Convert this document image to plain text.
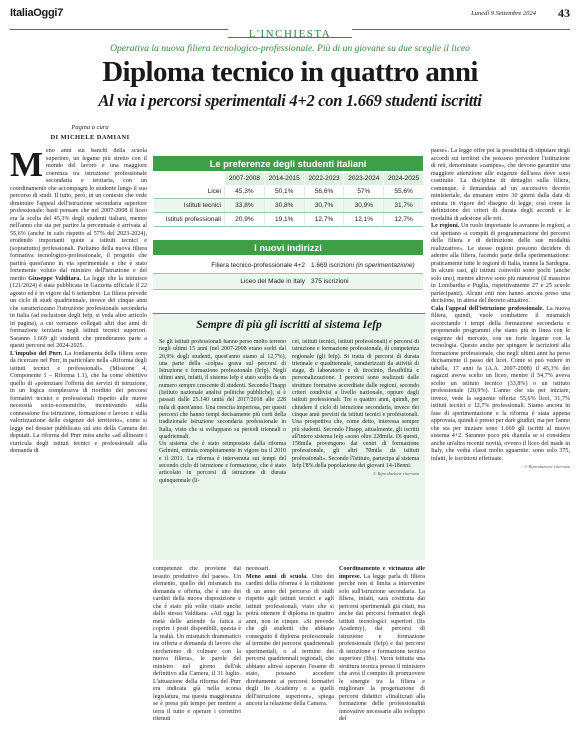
ItaliaOggi7	Lunedì 9 Settembre 2024 43
L'INCHIESTA
Operativa la nuova filiera tecnologico-professionale. Più di un giovane su due sceglie il liceo
Diploma tecnico in quattro anni
Al via i percorsi sperimentali 4+2 con 1.669 studenti iscritti
Pagina a cura
DI MICHELE DAMIANI

Meno anni sui banchi della scuola superiore, un legame più stretto con il mondo del lavoro e una maggiore coerenza tra istruzione professionale secondaria e terziaria, con un coordinamento che accompagni lo studente lungo il suo percorso di studi. Il tutto, però, in un contesto che vede diminuire l'appeal dell'istruzione secondaria superiore professionale: basti pensare che nel 2007-2008 il liceo era la scelta del 45,3% degli studenti italiani, mentre nell'anno che sta per partire la percentuale è arrivata al 55,6% (anche in calo rispetto al 57% del 2023-2024), erodendo importanti quote a istituti tecnici e (soprattutto) professionali. Parliamo della nuova filiera formativa tecnologico-professionale, il progetto che partirà quest'anno in via sperimentale e che è stato fortemente voluto dal ministro dell'istruzione e del merito Giuseppe Valditara. La legge che la istituisce (121/2024) è stata pubblicata in Gazzetta ufficiale il 22 agosto ed è in vigore dal 6 settembre. La filiera prevede un ciclo di studi quadriennale, invece dei cinque anni che caratterizzano l'istruzione professionale secondaria in Italia (ad esclusione degli Iefp, si veda altro articolo in pagina), a cui verranno collegati altri due anni di formazione terziaria negli istituti tecnici superiori. Saranno 1.669 gli studenti che prenderanno parte a questi percorsi nel 2024-2025.

L'impulso del Pnrr. La fondamenta della filiera sono da ricercare nel Pnrr, in particolare nella «Riforma degli istituti tecnici e professionali» (Missione 4, Componente 1 – Riforma 1.1), che ha come obiettivo quello di «potenziare l'offerta dei servizi di istruzione, in un logica complessiva di riordino dei percorsi formativi tecnici e professionali rispetto alle nuove necessità socio-economiche, incentivando sulla connessione fra istruzione, formazione e lavoro e sulla valorizzazione delle esigenze del territorio», come si legge nel dossier pubblicato sul sito della Camera dei deputati. La riforma del Pnrr mira anche «ad allineare i curricula degli istituti tecnici e professionali alla domanda di

Le preferenze degli studenti italiani
	2007-2008	2014-2015	2022-2023	2023-2024	2024-2025
Licei	45,3%	50,1%	56,6%	57%	55,6%
Istituti tecnici	33,8%	30,8%	30,7%	30,9%	31,7%
Istituti professionali	20,9%	19,1%	12,7%	12,1%	12,7%
I nuovi indirizzi
Filiera tecnico-professionale 4+2	1.669 iscrizioni (in sperimentazione)
Liceo del Made in Italy	375 iscrizioni
Sempre di più gli iscritti al sistema Iefp

Se gli istituti professionali hanno perso molto terreno negli ultimi 15 anni (nel 2007-2008 erano scelti dal 20,9% degli studenti, quest'anno siamo al 12,7%), una parte della «colpa» grava sul percorsi di Istruzione e formazione professionale (Iefp). Negli ultimi anni, infatti, il sistema Iefp è stato scelto da un numero sempre crescente di studenti. Secondo l'Inapp (Istituto nazionale analisi politiche pubbliche), si è passati dalle 25.140 unità del 2017/2018 alle 228 mila di quest'anno. Una crescita imperiosa, per questi percorsi che hanno tempi decisamente più corti della tradizionale istruzione secondaria professionale in Italia, visto che si sviluppano su periodi triennali o quadriennali.
Un sistema che è stato reimpostato dalla riforma Gelmini, entrata completamente in vigore tra il 2010 e il 2011. La riforma è intervenuta sui tempi del secondo ciclo di istruzione e formazione, che è stato articolato in percorsi di istruzione di durata quinquennale (li-

cei, istituti tecnici, istituti professionali) e percorsi di istruzione e formazione professionale, di competenza regionale (gli Iefp). Si tratta di percorsi di durata triennale e quadriennale, caratterizzati da attività di stage, di laboratorio e di tirocinio, flessibilità e personalizzazione. I percorsi sono realizzati dalle strutture formative accreditate dalle regioni, secondo criteri condivisi a livello nazionale, oppure dagli istituti professionali. Tre o quattro anni, quindi, per chiudere il ciclo di istruzione secondaria, invece dei cinque anni previsti da istituti tecnici e professionali. Una prospettiva che, come detto, interessa sempre più studenti. Secondo l'Inapp, attualmente, gli iscritti all'intero sistema Iefp «sono oltre 228mila. Di questi, 158mila provengono dai centri di formazione professionale, gli altri 70mila da istituti professionali». Secondo l'Istituto, partecipa al sistema Iefp l'8% della popolazione dei giovani 14-18enni.

© Riproduzione riservata

competenze che proviene dal tessuto produttivo del paese». Un elemento, quello del mismatch tra domanda e offerta, che è uno dei cardini della nuova disposizione e che è stato più volte citato anche dallo stesso Valditara: «Ad oggi la metà delle aziende fa fatica a coprire i posti disponibili, questa è la realtà. Un mismatch drammatico tra offerta e domanda di lavoro che cercheremo di colmare con la nuova filiera», le parole del ministro nel giorno dell'ok definitivo alla Camera, il 31 luglio. L'attuazione della riforma del Pnrr era indicata già nella scorsa legislatura, ma questa maggioranza se è presa più tempo per mettere a terra il tutto e operare i correttivi ritenuti

necessari.

Meno anni di scuola. Uno dei cardini della riforma è la riduzione di un anno del percorso di studi rispetto agli istituti tecnici e agli istituti professionali, visto che si potrà ottenere il diploma in quattro anni, non in cinque. «Si prevede che gli studenti che abbiano conseguito il diploma professionale al termine dei percorsi quadriennali sperimentali, o al termine dei percorsi quadriennali regionali, che abbiano altresì superato l'esame di stato, possano accedere direttamente ai percorsi formativi degli Its Academy o a quelli dell'istruzione superiore», spiega ancora la relazione della Camera.

Coordinamento e vicinanza alle imprese. La legge parla di filiera perché non si limita a intervenire solo sull'istruzione secondaria. La filiera, infatti, sarà costituita dai percorsi sperimentali già citati, ma anche dai percorsi formativi degli istituti tecnologici superiori (Its Academy), dai percorsi di istruzione e formazione professionale (Iefp) e dai percorsi di istruzione e formazione tecnica superiore (Ifts). Verrà istituita una struttura tecnica presso il ministero che avrà il compito di promuovere le sinergie tra la filiera e migliorare la progettazione di percorsi didattici «finalizzati alla formazione delle professionalità innovative necessarie allo sviluppo del

paese». La legge offre poi la possibilità di stipulare degli accordi sui territori che possono prevedere l'istituzione di reti, denominate «campus», che devono garantire una maggiore attenzione alle esigenze dell'area dove sono costituite. La disciplina di dettaglio sulla filiera, comunque, è demandata ad un successivo decreto ministeriale, da emanare entro 30 giorni dalla data di entrata in vigore del disegno di legge, così come la definizione dei criteri di durata degli accordi e le modalità di adesione alle reti.

Le regioni. Un ruolo importante lo avranno le regioni, a cui spettano «i compiti di programmazione dei percorsi della filiera e di definizione delle sue modalità realizzative». Le stesse regioni possono decidere di aderire alla filiera, facendo parte della sperimentazione: praticamente tutte le regioni di Italia, tranne la Sardegna. In alcuni casi, gli istituti coinvolti sono pochi (anche solo uno), mentre altrove sono più numerosi (il massimo in Lombardia e Puglia, rispettivamente 27 e 25 scuole partecipanti). Alcuni enti non hanno ancora preso una decisione, in attesa del decreto attuativo.

Cala l'appeal dell'istruzione professionale. La nuova filiera, quindi, vuole combattere il mismatch accorciando i tempi della formazione secondaria e proponendo programmi che siano più in linea con le esigenze del mercato, con un forte legame con la tecnologia. Questo anche per spingere le iscrizioni alla formazione professionale, che negli ultimi anni ha perso decisamente il passo dei licei. Come si può vedere in tabella, 17 anni fa (A.A. 2007-2008) il 45,3% dei ragazzi aveva scelto un liceo, mentre il 54,7% aveva scelto un istituto tecnico (33,8%) o un istituto professionale (20,9%). L'anno che sta per iniziare, invece, vede la seguente offerta: 55,6% licei, 31,7% istituti tecnici e 12,7% professionali. Siamo ancora in fase di sperimentazione e la riforma è stata appena approvata, quindi è presto per dare giudizi, ma per l'anno che sta per iniziare sono 1.669 gli iscritti al nuovo sistema 4+2. Saranno poco più diamila se si considera anche un'altra recente novità, ovvero il liceo del made in Italy, che vedrà classi molto sguarnite: sono solo 375, infatti, le iscrizioni effettuate.

© Riproduzione riservata
